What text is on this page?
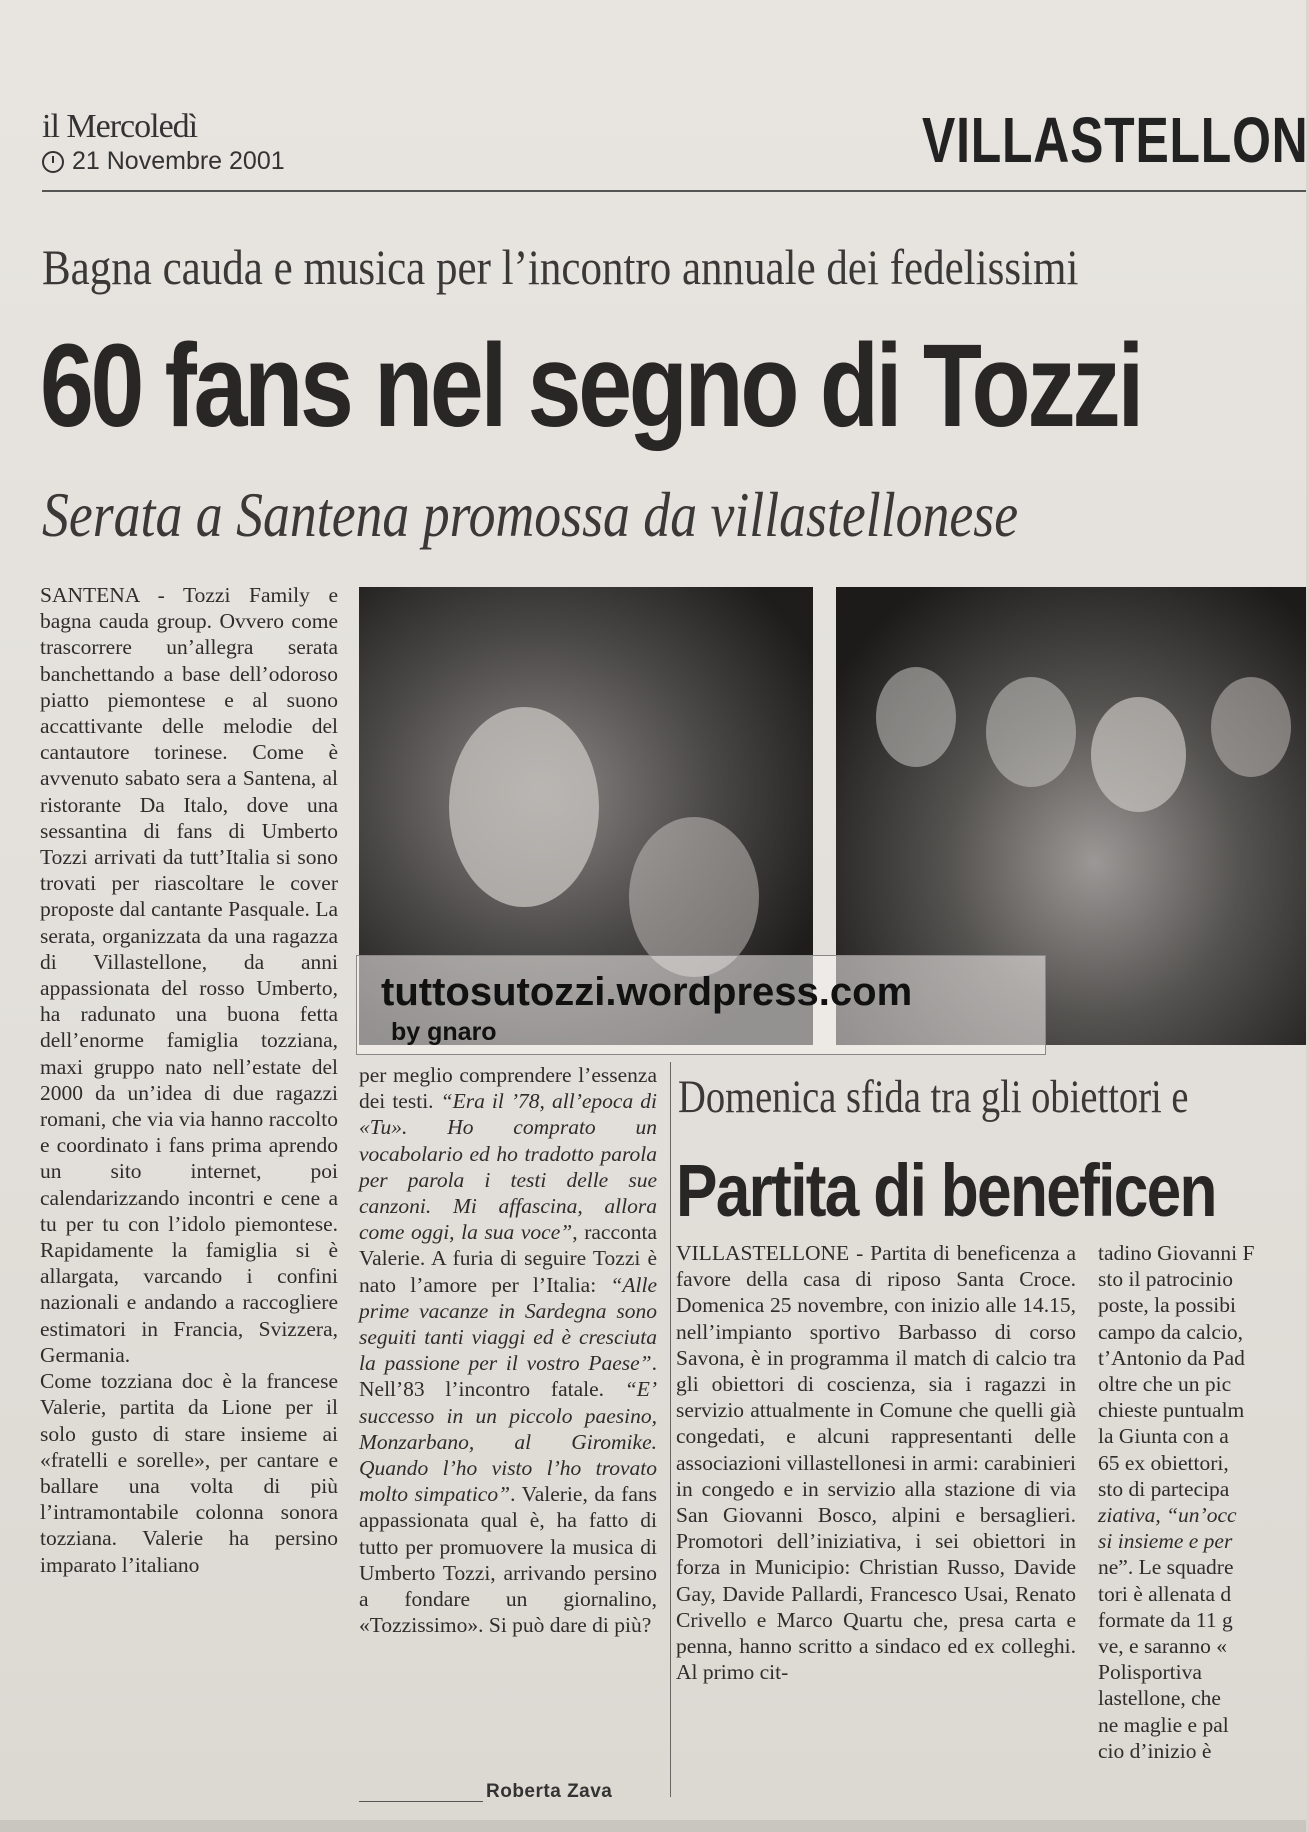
il Mercoledì
21 Novembre 2001	VILLASTELLON
Bagna cauda e musica per l’incontro annuale dei fedelissimi
60 fans nel segno di Tozzi
Serata a Santena promossa da villastellonese

SANTENA - Tozzi Family e bagna cauda group. Ovvero come trascorrere un’allegra serata banchettando a base dell’odoroso piatto piemontese e al suono accattivante delle melodie del cantautore torinese. Come è avvenuto sabato sera a Santena, al ristorante Da Italo, dove una sessantina di fans di Umberto Tozzi arrivati da tutt’Italia si sono trovati per riascoltare le cover proposte dal cantante Pasquale. La serata, organizzata da una ragazza di Villastellone, da anni appassionata del rosso Umberto, ha radunato una buona fetta dell’enorme famiglia tozziana, maxi gruppo nato nell’estate del 2000 da un’idea di due ragazzi romani, che via via hanno raccolto e coordinato i fans prima aprendo un sito internet, poi calendarizzando incontri e cene a tu per tu con l’idolo piemontese. Rapidamente la famiglia si è allargata, varcando i confini nazionali e andando a raccogliere estimatori in Francia, Svizzera, Germania.

Come tozziana doc è la francese Valerie, partita da Lione per il solo gusto di stare insieme ai «fratelli e sorelle», per cantare e ballare una volta di più l’intramontabile colonna sonora tozziana. Valerie ha persino imparato l’italiano

tuttosutozzi.wordpress.com
by gnaro

per meglio comprendere l’essenza dei testi. “Era il ’78, all’epoca di «Tu». Ho comprato un vocabolario ed ho tradotto parola per parola i testi delle sue canzoni. Mi affascina, allora come oggi, la sua voce”, racconta Valerie. A furia di seguire Tozzi è nato l’amore per l’Italia: “Alle prime vacanze in Sardegna sono seguiti tanti viaggi ed è cresciuta la passione per il vostro Paese”. Nell’83 l’incontro fatale. “E’ successo in un piccolo paesino, Monzarbano, al Giromike. Quando l’ho visto l’ho trovato molto simpatico”. Valerie, da fans appassionata qual è, ha fatto di tutto per promuovere la musica di Umberto Tozzi, arrivando persino a fondare un giornalino, «Tozzissimo». Si può dare di più?

Roberta Zava
Domenica sfida tra gli obiettori e
Partita di beneficen

VILLASTELLONE - Partita di beneficenza a favore della casa di riposo Santa Croce. Domenica 25 novembre, con inizio alle 14.15, nell’impianto sportivo Barbasso di corso Savona, è in programma il match di calcio tra gli obiettori di coscienza, sia i ragazzi in servizio attualmente in Comune che quelli già congedati, e alcuni rappresentanti delle associazioni villastellonesi in armi: carabinieri in congedo e in servizio alla stazione di via San Giovanni Bosco, alpini e bersaglieri. Promotori dell’iniziativa, i sei obiettori in forza in Municipio: Christian Russo, Davide Gay, Davide Pallardi, Francesco Usai, Renato Crivello e Marco Quartu che, presa carta e penna, hanno scritto a sindaco ed ex colleghi. Al primo cit-

tadino Giovanni F
sto il patrocinio
poste, la possibi
campo da calcio,
t’Antonio da Pad
oltre che un pic
chieste puntualm
la Giunta con a
65 ex obiettori,
sto di partecipa
ziativa, “un’occ
si insieme e per
ne”. Le squadre
tori è allenata d
formate da 11 g
ve, e saranno «
Polisportiva
lastellone, che
ne maglie e pal
cio d’inizio è
